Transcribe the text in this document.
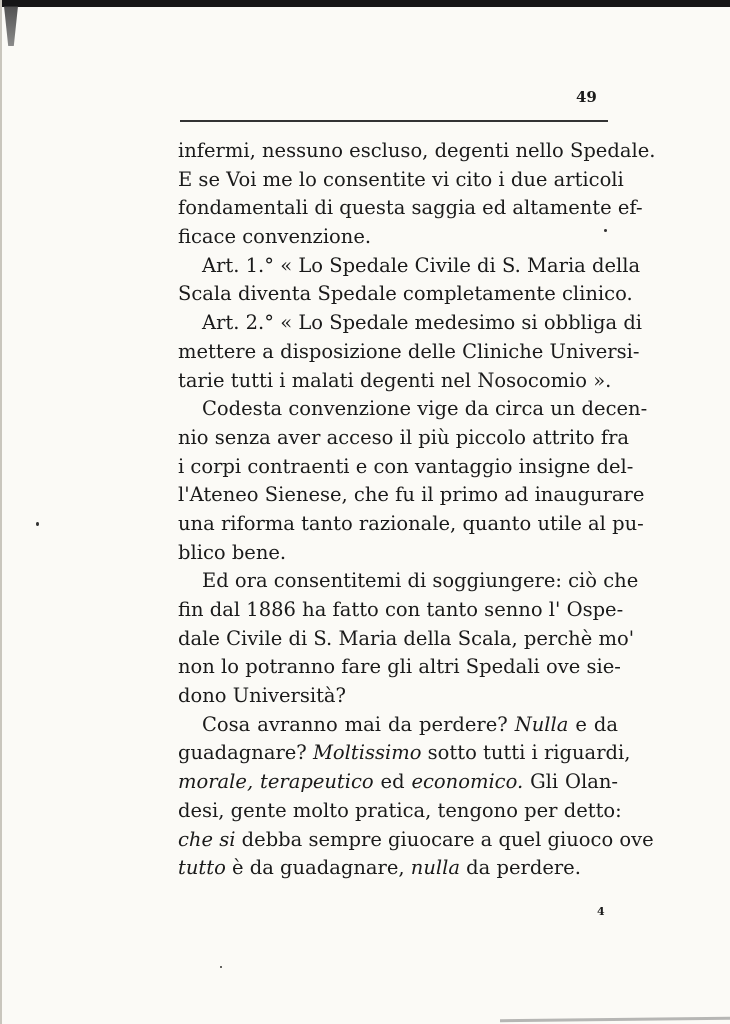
49
infermi, nessuno escluso, degenti nello Spedale.
E se Voi me lo consentite vi cito i due articoli
fondamentali di questa saggia ed altamente ef-
ficace convenzione.
Art. 1.° « Lo Spedale Civile di S. Maria della
Scala diventa Spedale completamente clinico.
Art. 2.° « Lo Spedale medesimo si obbliga di
mettere a disposizione delle Cliniche Universi-
tarie tutti i malati degenti nel Nosocomio ».
Codesta convenzione vige da circa un decen-
nio senza aver acceso il più piccolo attrito fra
i corpi contraenti e con vantaggio insigne del-
l'Ateneo Sienese, che fu il primo ad inaugurare
una riforma tanto razionale, quanto utile al pu-
blico bene.
Ed ora consentitemi di soggiungere: ciò che
fin dal 1886 ha fatto con tanto senno l' Ospe-
dale Civile di S. Maria della Scala, perchè mo'
non lo potranno fare gli altri Spedali ove sie-
dono Università?
Cosa avranno mai da perdere? Nulla e da
guadagnare? Moltissimo sotto tutti i riguardi,
morale, terapeutico ed economico. Gli Olan-
desi, gente molto pratica, tengono per detto:
che si debba sempre giuocare a quel giuoco ove
tutto è da guadagnare, nulla da perdere.
4
